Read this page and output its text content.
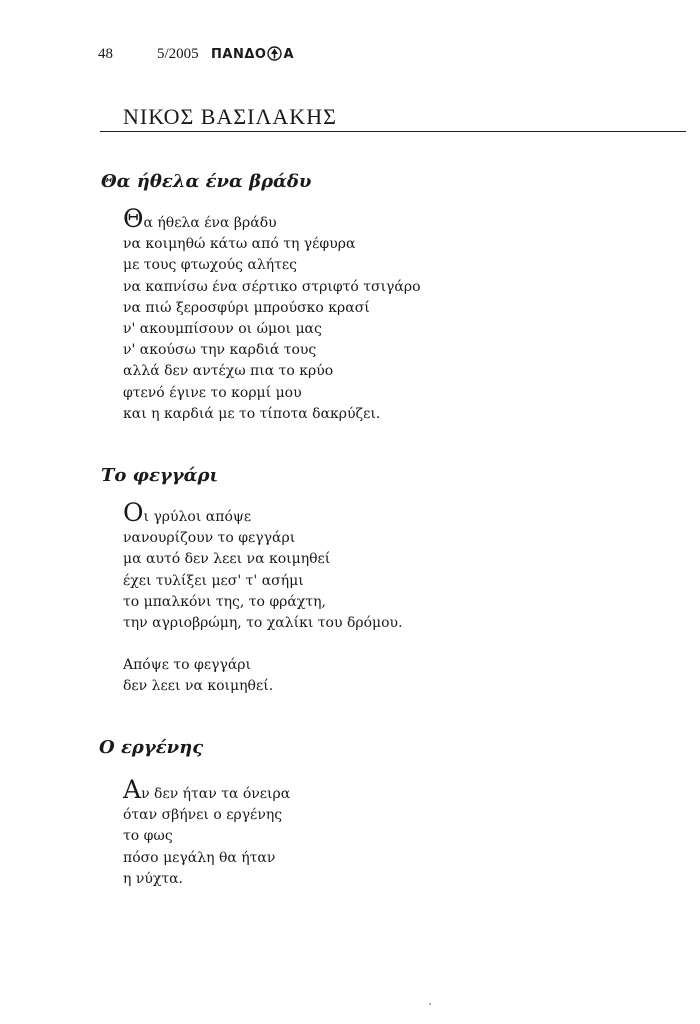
48	5/2005 ΠΑΝΔΟ Α
ΝΙΚΟΣ ΒΑΣΙΛΑΚΗΣ
Θα ήθελα ένα βράδυ
Θα ήθελα ένα βράδυ
να κοιμηθώ κάτω από τη γέφυρα
με τους φτωχούς αλήτες
να καπνίσω ένα σέρτικο στριφτό τσιγάρο
να πιώ ξεροσφύρι μπρούσκο κρασί
ν' ακουμπίσουν οι ώμοι μας
ν' ακούσω την καρδιά τους
αλλά δεν αντέχω πια το κρύο
φτενό έγινε το κορμί μου
και η καρδιά με το τίποτα δακρύζει.
Το φεγγάρι
Οι γρύλοι απόψε
νανουρίζουν το φεγγάρι
μα αυτό δεν λεει να κοιμηθεί
έχει τυλίξει μεσ' τ' ασήμι
το μπαλκόνι της, το φράχτη,
την αγριοβρώμη, το χαλίκι του δρόμου.
Απόψε το φεγγάρι
δεν λεει να κοιμηθεί.
Ο εργένης
Αν δεν ήταν τα όνειρα
όταν σβήνει ο εργένης
το φως
πόσο μεγάλη θα ήταν
η νύχτα.
